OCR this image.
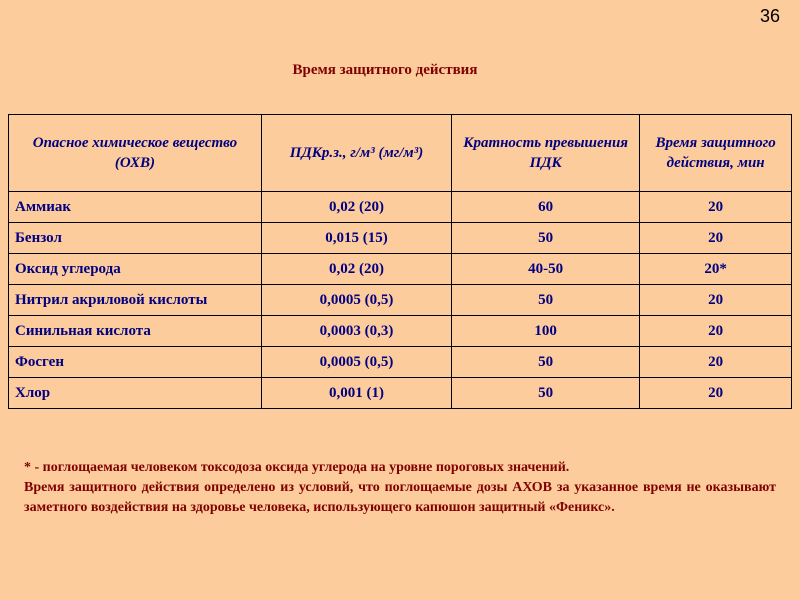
36
Время защитного действия
Опасное химическое вещество (ОХВ)	ПДКр.з., г/м³ (мг/м³)	Кратность превышения ПДК	Время защитного действия, мин
Аммиак	0,02 (20)	60	20
Бензол	0,015 (15)	50	20
Оксид углерода	0,02 (20)	40-50	20*
Нитрил акриловой кислоты	0,0005 (0,5)	50	20
Синильная кислота	0,0003 (0,3)	100	20
Фосген	0,0005 (0,5)	50	20
Хлор	0,001 (1)	50	20

* - поглощаемая человеком токсодоза оксида углерода на уровне пороговых значений.

Время защитного действия определено из условий, что поглощаемые дозы АХОВ за указанное время не оказывают заметного воздействия на здоровье человека, использующего капюшон защитный «Феникс».
